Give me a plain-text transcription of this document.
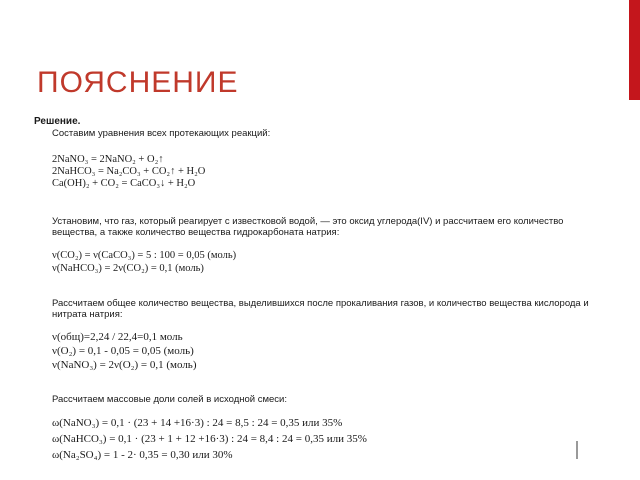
ПОЯСНЕНИЕ
Решение.
Составим уравнения всех протекающих реакций:
2NaNO₃ = 2NaNO₂ + O₂↑
2NaHCO₃ = Na₂CO₃ + CO₂↑ + H₂O
Ca(OH)₂ + CO₂ = CaCO₃↓ + H₂O
Установим, что газ, который реагирует с известковой водой, — это оксид углерода(IV) и рассчитаем его количество вещества, а также количество вещества гидрокарбоната натрия:
ν(CO₂) = ν(CaCO₃) = 5 : 100 = 0,05 (моль)
ν(NaHCO₃) = 2ν(CO₂) = 0,1 (моль)
Рассчитаем общее количество вещества, выделившихся после прокаливания газов, и количество вещества кислорода и нитрата натрия:
ν(общ)=2,24 / 22,4=0,1 моль
ν(O₂) = 0,1 - 0,05 = 0,05 (моль)
ν(NaNO₃) = 2ν(O₂) = 0,1 (моль)
Рассчитаем массовые доли солей в исходной смеси:
ω(NaNO₃) = 0,1 · (23 + 14 +16·3) : 24 = 8,5 : 24 = 0,35 или 35%
ω(NaHCO₃) = 0,1 · (23 + 1 + 12 +16·3) : 24 = 8,4 : 24 = 0,35 или 35%
ω(Na₂SO₄) = 1 - 2· 0,35 = 0,30 или 30%
